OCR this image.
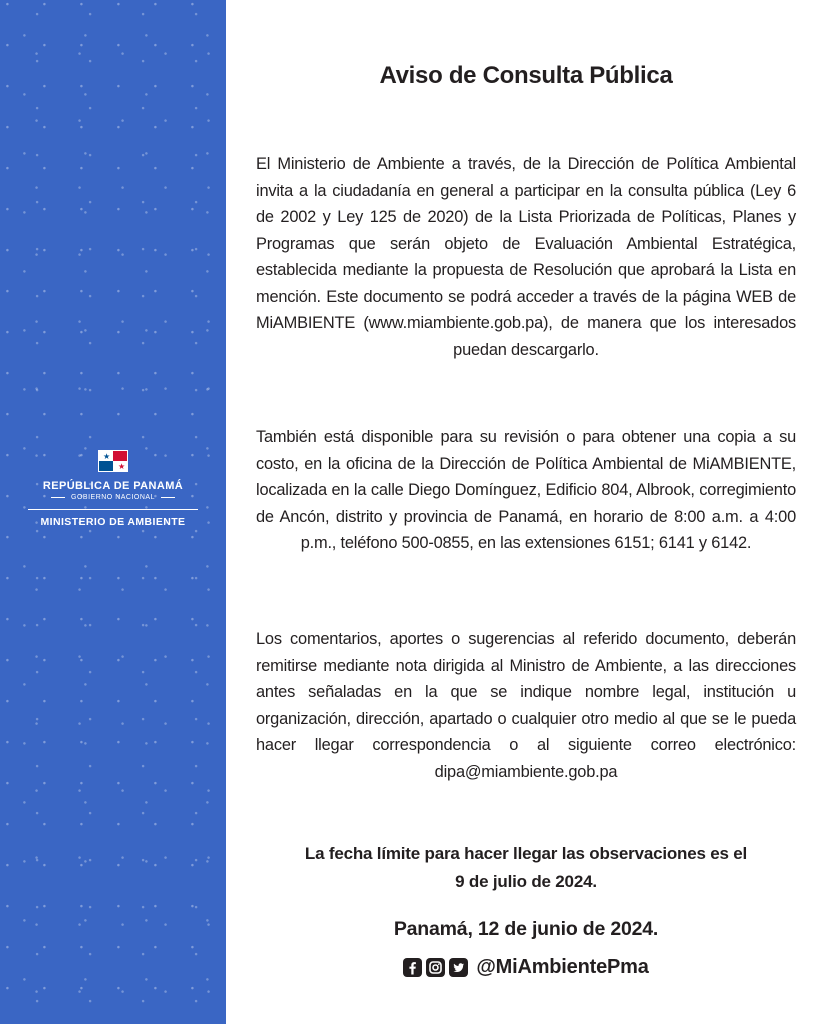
★
★
REPÚBLICA DE PANAMÁ
GOBIERNO NACIONAL
MINISTERIO DE AMBIENTE
Aviso de Consulta Pública

El Ministerio de Ambiente a través, de la Dirección de Política Ambiental invita a la ciudadanía en general a participar en la consulta pública (Ley 6 de 2002 y Ley 125 de 2020) de la Lista Priorizada de Políticas, Planes y Programas que serán objeto de Evaluación Ambiental Estratégica, establecida mediante la propuesta de Resolución que aprobará la Lista en mención. Este documento se podrá acceder a través de la página WEB de MiAMBIENTE (www.miambiente.gob.pa), de manera que los interesados puedan descargarlo.

También está disponible para su revisión o para obtener una copia a su costo, en la oficina de la Dirección de Política Ambiental de MiAMBIENTE, localizada en la calle Diego Domínguez, Edificio 804, Albrook, corregimiento de Ancón, distrito y provincia de Panamá, en horario de 8:00 a.m. a 4:00 p.m., teléfono 500-0855, en las extensiones 6151; 6141 y 6142.

Los comentarios, aportes o sugerencias al referido documento, deberán remitirse mediante nota dirigida al Ministro de Ambiente, a las direcciones antes señaladas en la que se indique nombre legal, institución u organización, dirección, apartado o cualquier otro medio al que se le pueda hacer llegar correspondencia o al siguiente correo electrónico: dipa@miambiente.gob.pa

La fecha límite para hacer llegar las observaciones es el
9 de julio de 2024.
Panamá, 12 de junio de 2024.
@MiAmbientePma
